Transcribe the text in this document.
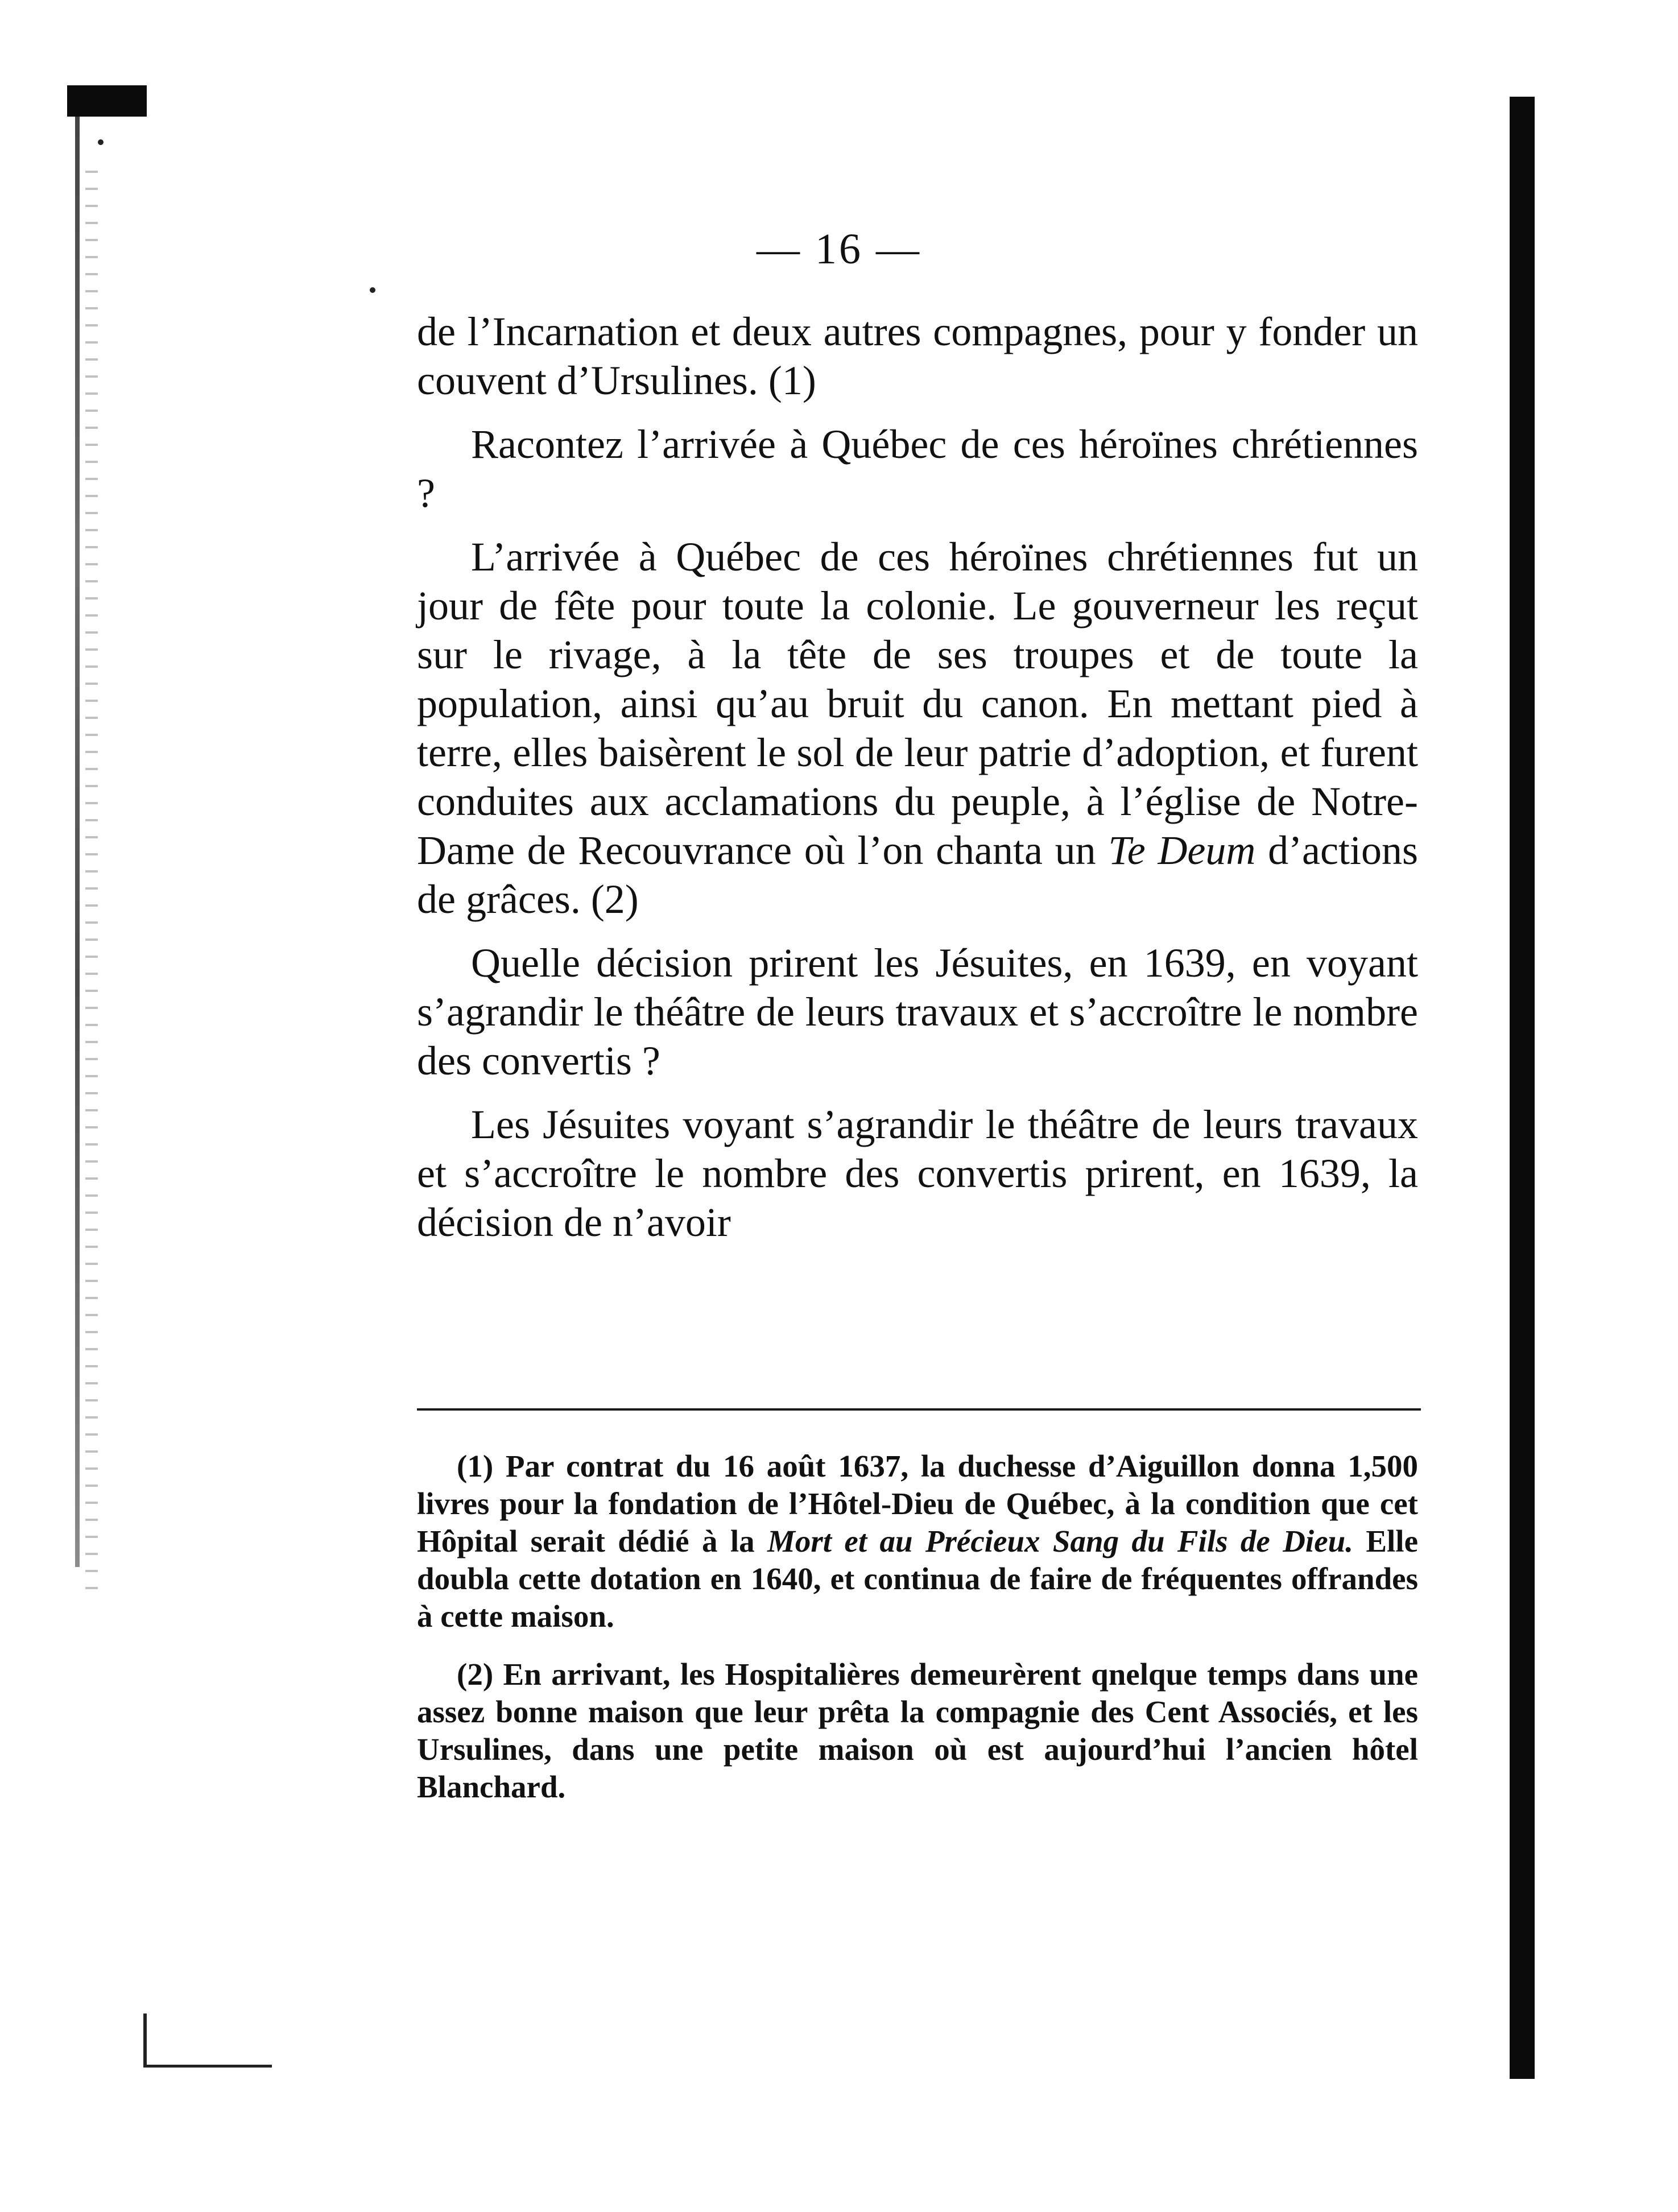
— 16 —

de l’Incarnation et deux autres compagnes, pour y fonder un couvent d’Ursulines. (1)

Racontez l’arrivée à Québec de ces héroïnes chrétiennes ?

L’arrivée à Québec de ces héroïnes chrétiennes fut un jour de fête pour toute la colonie. Le gouverneur les reçut sur le rivage, à la tête de ses troupes et de toute la population, ainsi qu’au bruit du canon. En mettant pied à terre, elles baisèrent le sol de leur patrie d’adoption, et furent conduites aux acclamations du peuple, à l’église de Notre-Dame de Recouvrance où l’on chanta un Te Deum d’actions de grâces. (2)

Quelle décision prirent les Jésuites, en 1639, en voyant s’agrandir le théâtre de leurs travaux et s’accroître le nombre des convertis ?

Les Jésuites voyant s’agrandir le théâtre de leurs travaux et s’accroître le nombre des convertis prirent, en 1639, la décision de n’avoir

(1) Par contrat du 16 août 1637, la duchesse d’Aiguillon donna 1,500 livres pour la fondation de l’Hôtel-Dieu de Québec, à la condition que cet Hôpital serait dédié à la Mort et au Précieux Sang du Fils de Dieu. Elle doubla cette dotation en 1640, et continua de faire de fréquentes offrandes à cette maison.

(2) En arrivant, les Hospitalières demeurèrent qnelque temps dans une assez bonne maison que leur prêta la compagnie des Cent Associés, et les Ursulines, dans une petite maison où est aujourd’hui l’ancien hôtel Blanchard.
